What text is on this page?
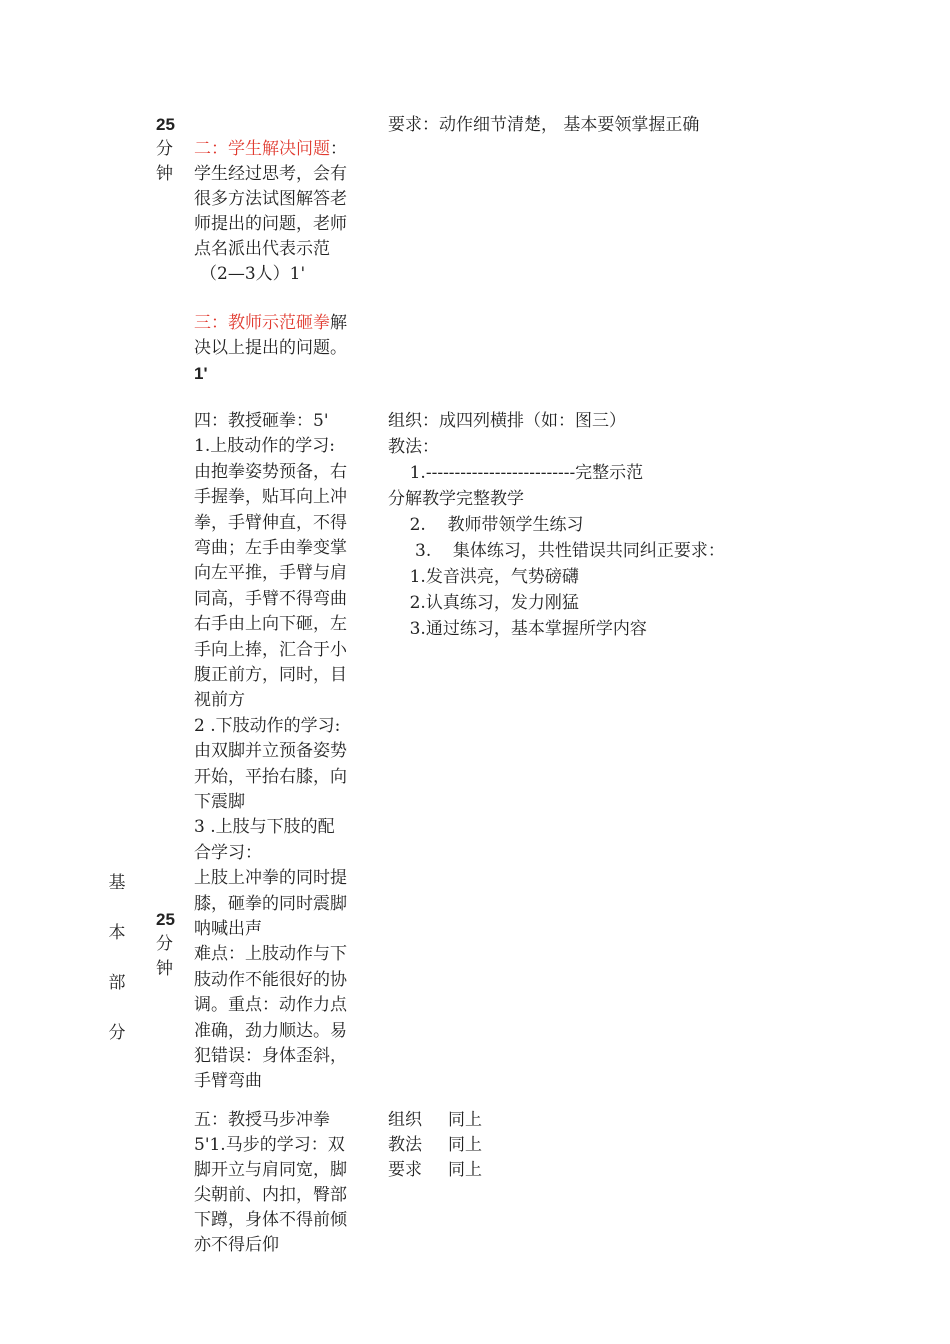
25
分
钟
要求：动作细节清楚， 基本要领掌握正确
二：学生解决问题：
学生经过思考，会有
很多方法试图解答老
师提出的问题，老师
点名派出代表示范
（2—3人）1'
三：教师示范砸拳解
决以上提出的问题。
1'
四：教授砸拳：5'
1.上肢动作的学习:
由抱拳姿势预备，右
手握拳，贴耳向上冲
拳，手臂伸直，不得
弯曲；左手由拳变掌
向左平推，手臂与肩
同高，手臂不得弯曲
右手由上向下砸，左
手向上捧，汇合于小
腹正前方，同时，目
视前方
2 .下肢动作的学习:
由双脚并立预备姿势
开始，平抬右膝，向
下震脚
3 .上肢与下肢的配
合学习：
上肢上冲拳的同时提
膝，砸拳的同时震脚
呐喊出声
难点：上肢动作与下
肢动作不能很好的协
调。重点：动作力点
准确，劲力顺达。易
犯错误：身体歪斜，
手臂弯曲
组织：成四列横排（如：图三）
教法：
1.--------------------------完整示范
分解教学完整教学
2.    教师带领学生练习
3.    集体练习，共性错误共同纠正要求：
1.发音洪亮，气势磅礴
2.认真练习，发力刚猛
3.通过练习，基本掌握所学内容
基
本
部
分
25
分
钟
五：教授马步冲拳
5'1.马步的学习：双
脚开立与肩同宽，脚
尖朝前、内扣，臀部
下蹲，身体不得前倾
亦不得后仰
组织 同上
教法 同上
要求 同上
